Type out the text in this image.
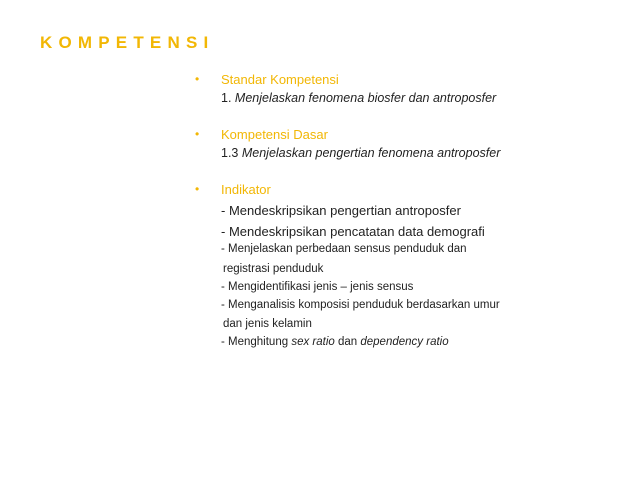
KOMPETENSI
• Standar Kompetensi
1. Menjelaskan fenomena biosfer dan antroposfer
• Kompetensi Dasar
1.3 Menjelaskan pengertian fenomena antroposfer
• Indikator
- Mendeskripsikan pengertian antroposfer
- Mendeskripsikan pencatatan data demografi
- Menjelaskan perbedaan sensus penduduk dan
registrasi penduduk
- Mengidentifikasi jenis – jenis sensus
- Menganalisis komposisi penduduk berdasarkan umur
dan jenis kelamin
- Menghitung sex ratio dan dependency ratio
